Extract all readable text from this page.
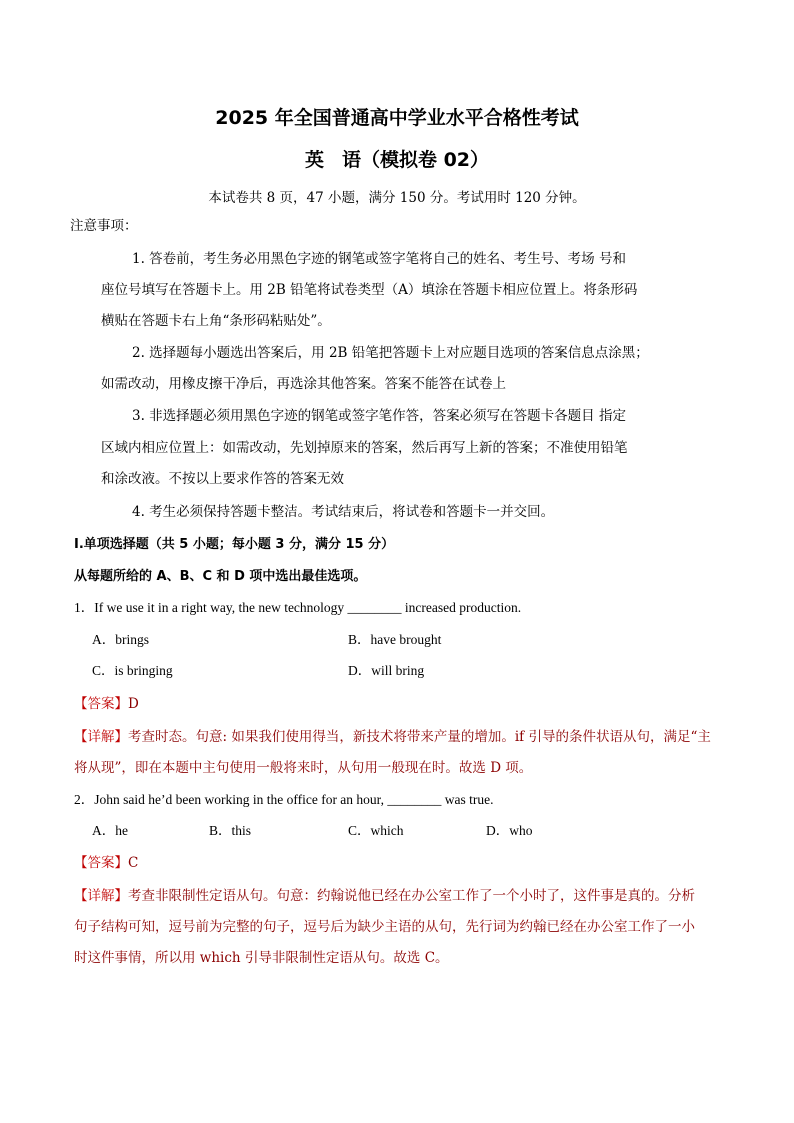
2025 年全国普通高中学业水平合格性考试
英 语（模拟卷 02）
本试卷共 8 页，47 小题，满分 150 分。考试用时 120 分钟。
注意事项：
1. 答卷前，考生务必用黑色字迹的钢笔或签字笔将自己的姓名、考生号、考场 号和
座位号填写在答题卡上。用 2B 铅笔将试卷类型（A）填涂在答题卡相应位置上。将条形码
横贴在答题卡右上角“条形码粘贴处”。
2. 选择题每小题选出答案后，用 2B 铅笔把答题卡上对应题目选项的答案信息点涂黑；
如需改动，用橡皮擦干净后，再选涂其他答案。答案不能答在试卷上
3. 非选择题必须用黑色字迹的钢笔或签字笔作答，答案必须写在答题卡各题目 指定
区域内相应位置上：如需改动，先划掉原来的答案，然后再写上新的答案；不准使用铅笔
和涂改液。不按以上要求作答的答案无效
4. 考生必须保持答题卡整洁。考试结束后，将试卷和答题卡一并交回。
I.单项选择题（共 5 小题；每小题 3 分，满分 15 分）
从每题所给的 A、B、C 和 D 项中选出最佳选项。
1．If we use it in a right way, the new technology ________ increased production.
A．brings	B．have brought
C．is bringing	D．will bring
【答案】D
【详解】考查时态。句意: 如果我们使用得当，新技术将带来产量的增加。if 引导的条件状语从句，满足“主
将从现”，即在本题中主句使用一般将来时，从句用一般现在时。故选 D 项。
2．John said he’d been working in the office for an hour, ________ was true.
A．he	B．this	C．which	D．who
【答案】C
【详解】考查非限制性定语从句。句意：约翰说他已经在办公室工作了一个小时了，这件事是真的。分析
句子结构可知，逗号前为完整的句子，逗号后为缺少主语的从句，先行词为约翰已经在办公室工作了一小
时这件事情，所以用 which 引导非限制性定语从句。故选 C。
